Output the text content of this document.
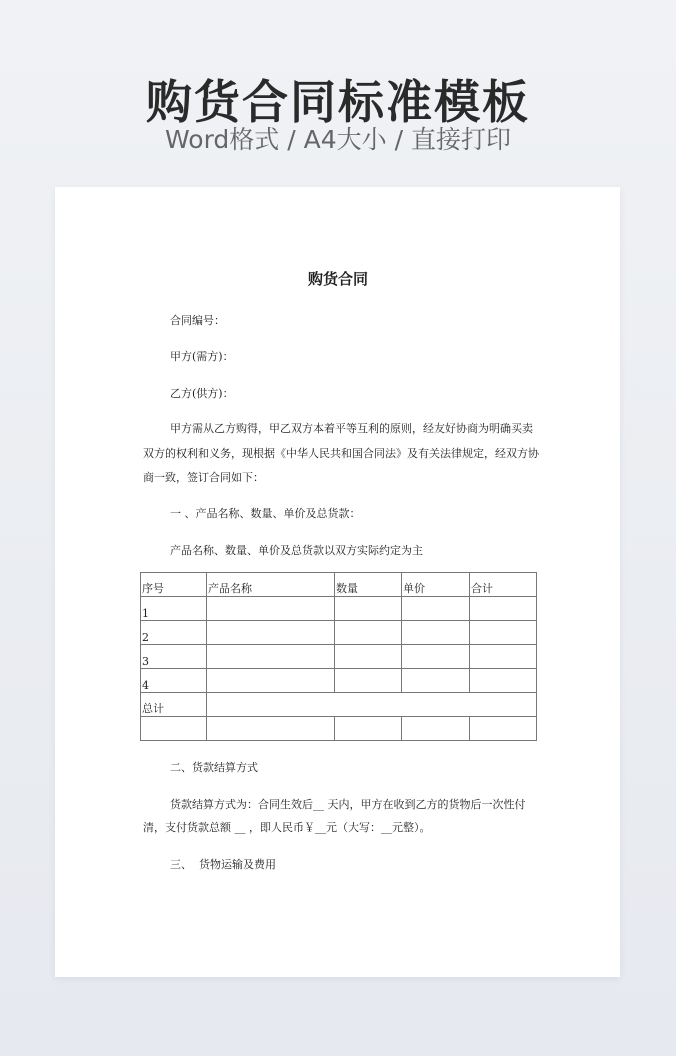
购货合同标准模板
Word格式 / A4大小 / 直接打印
购货合同
合同编号：
甲方(需方)：
乙方(供方)：
甲方需从乙方购得，甲乙双方本着平等互利的原则，经友好协商为明确买卖
双方的权利和义务，现根据《中华人民共和国合同法》及有关法律规定，经双方协
商一致，签订合同如下：
一 、产品名称、数量、单价及总货款：
产品名称、数量、单价及总货款以双方实际约定为主
序号	产品名称	数量	单价	合计
1				
2				
3				
4				
总计				

二、货款结算方式
货款结算方式为：合同生效后__ 天内，甲方在收到乙方的货物后一次性付
清，支付货款总额 __ ，即人民币￥__元（大写：__元整）。
三、  货物运输及费用
